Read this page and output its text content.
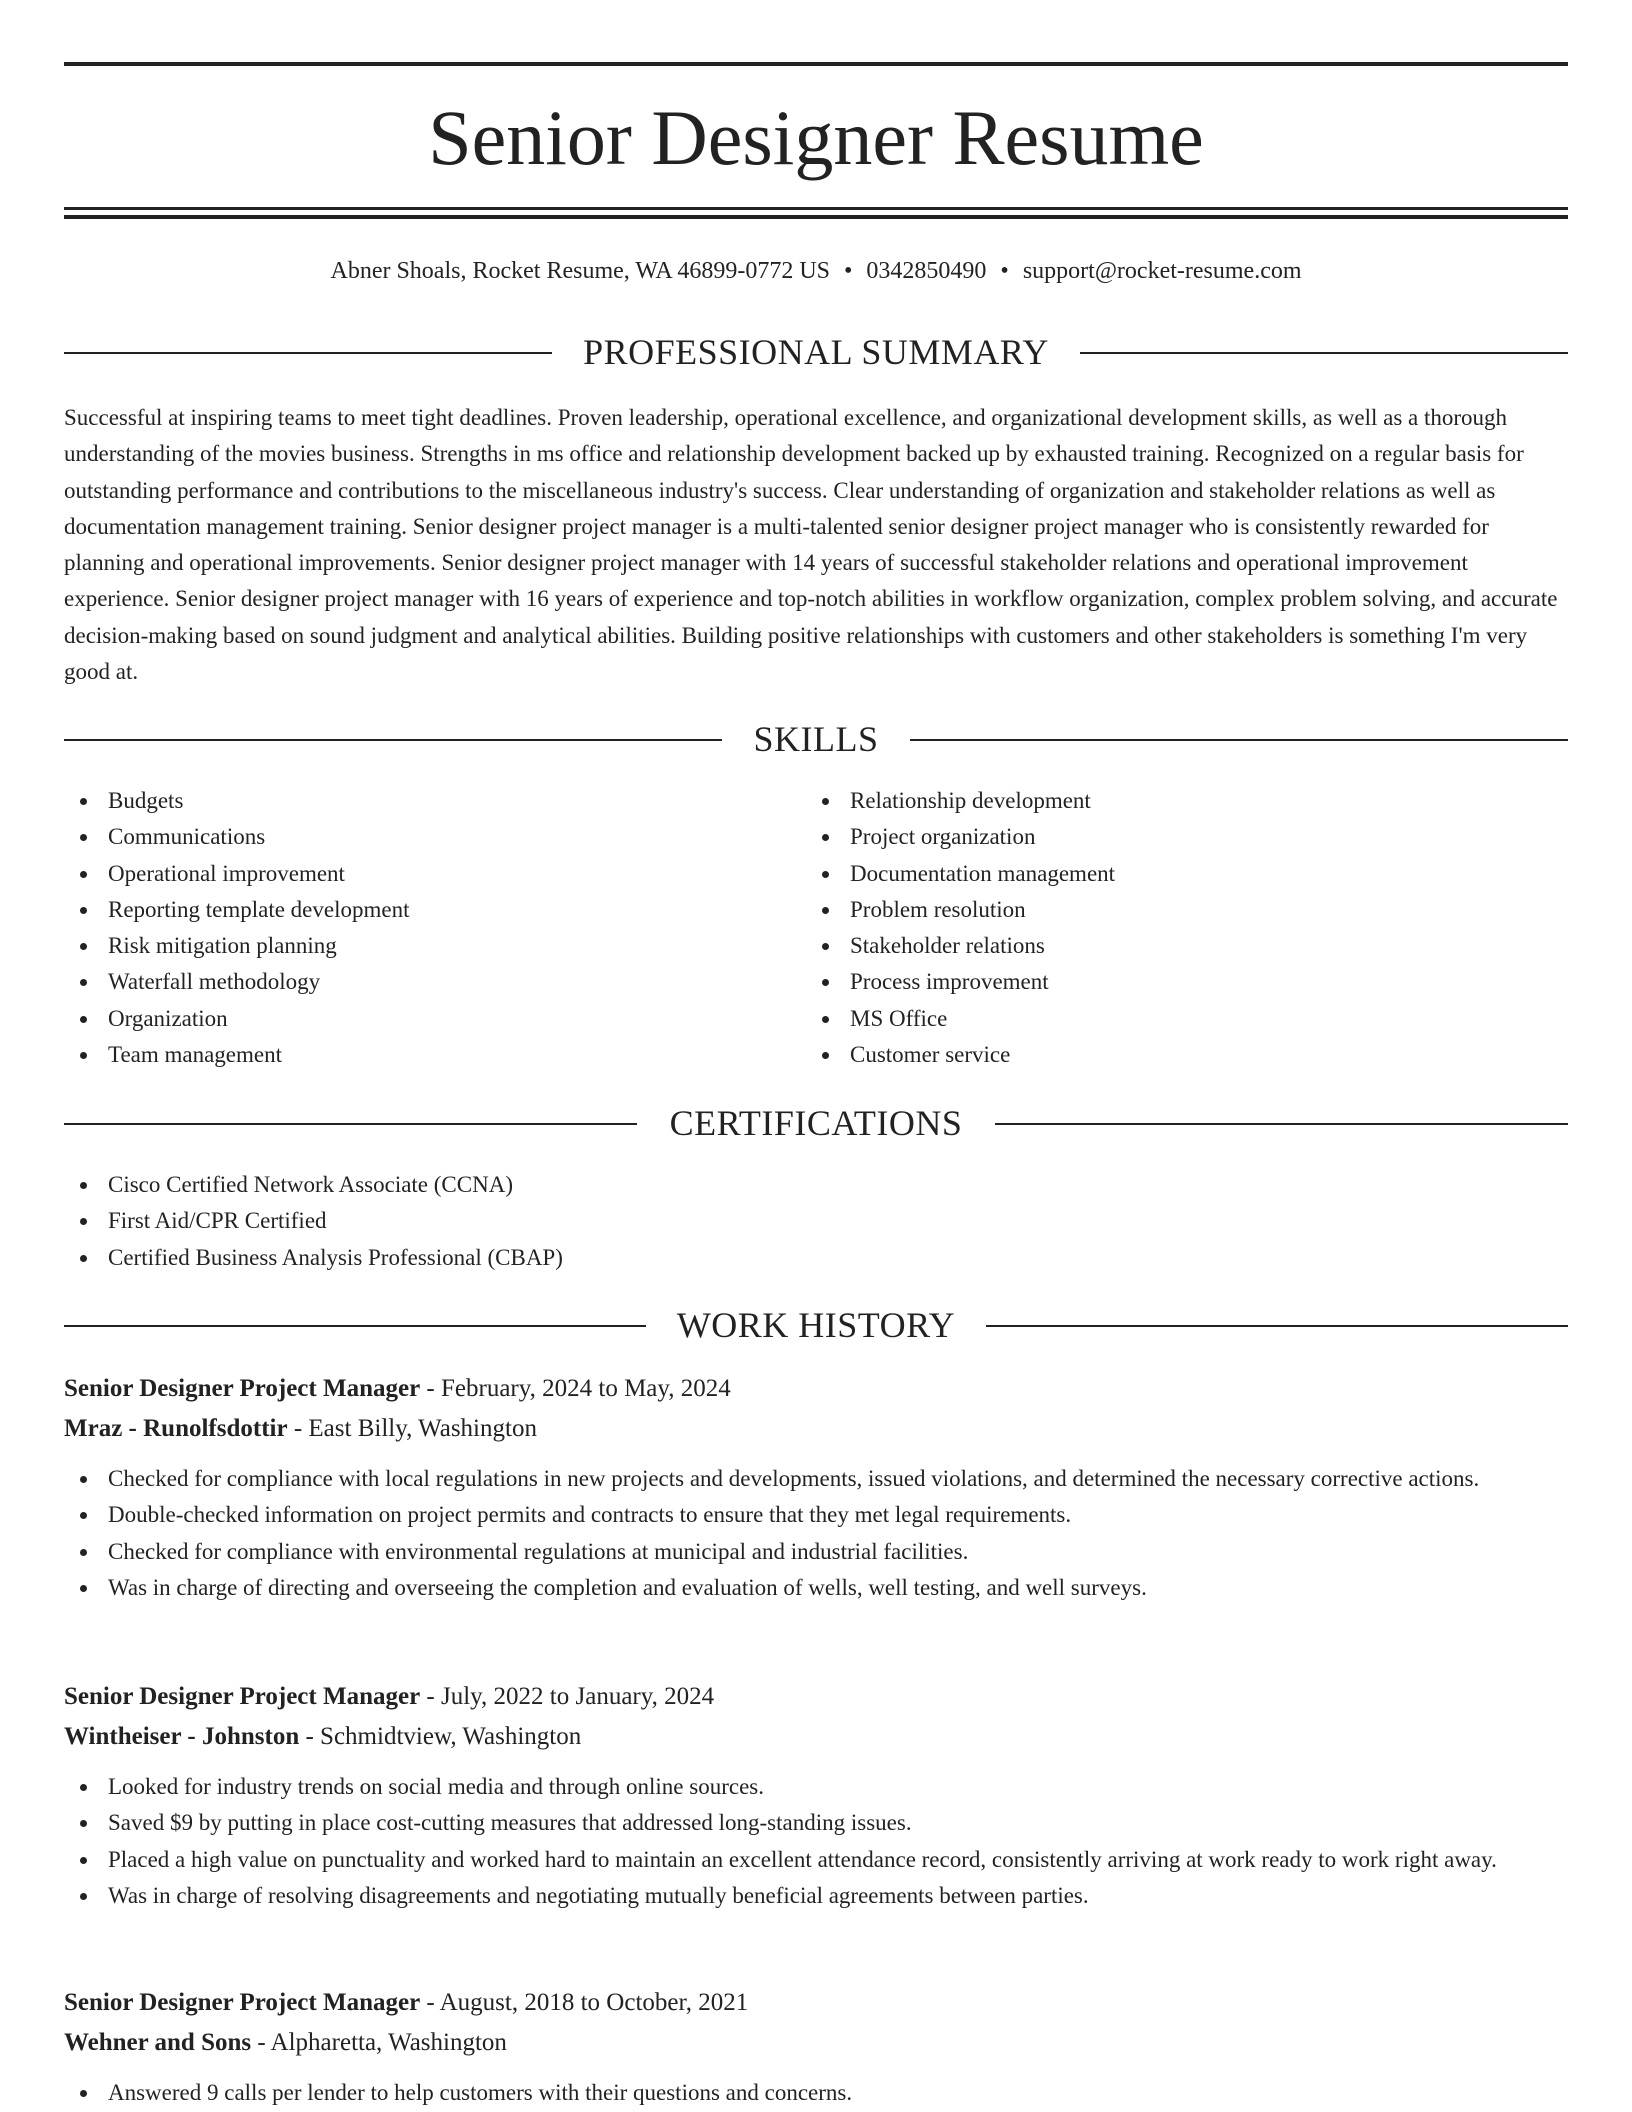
Senior Designer Resume
Abner Shoals, Rocket Resume, WA 46899-0772 US • 0342850490 • support@rocket-resume.com
PROFESSIONAL SUMMARY

Successful at inspiring teams to meet tight deadlines. Proven leadership, operational excellence, and organizational development skills, as well as a thorough understanding of the movies business. Strengths in ms office and relationship development backed up by exhausted training. Recognized on a regular basis for outstanding performance and contributions to the miscellaneous industry's success. Clear understanding of organization and stakeholder relations as well as documentation management training. Senior designer project manager is a multi-talented senior designer project manager who is consistently rewarded for planning and operational improvements. Senior designer project manager with 14 years of successful stakeholder relations and operational improvement experience. Senior designer project manager with 16 years of experience and top-notch abilities in workflow organization, complex problem solving, and accurate decision-making based on sound judgment and analytical abilities. Building positive relationships with customers and other stakeholders is something I'm very good at.

SKILLS
Budgets
Communications
Operational improvement
Reporting template development
Risk mitigation planning
Waterfall methodology
Organization
Team management
Relationship development
Project organization
Documentation management
Problem resolution
Stakeholder relations
Process improvement
MS Office
Customer service
CERTIFICATIONS
Cisco Certified Network Associate (CCNA)
First Aid/CPR Certified
Certified Business Analysis Professional (CBAP)
WORK HISTORY
Senior Designer Project Manager - February, 2024 to May, 2024
Mraz - Runolfsdottir - East Billy, Washington
Checked for compliance with local regulations in new projects and developments, issued violations, and determined the necessary corrective actions.
Double-checked information on project permits and contracts to ensure that they met legal requirements.
Checked for compliance with environmental regulations at municipal and industrial facilities.
Was in charge of directing and overseeing the completion and evaluation of wells, well testing, and well surveys.
Senior Designer Project Manager - July, 2022 to January, 2024
Wintheiser - Johnston - Schmidtview, Washington
Looked for industry trends on social media and through online sources.
Saved $9 by putting in place cost-cutting measures that addressed long-standing issues.
Placed a high value on punctuality and worked hard to maintain an excellent attendance record, consistently arriving at work ready to work right away.
Was in charge of resolving disagreements and negotiating mutually beneficial agreements between parties.
Senior Designer Project Manager - August, 2018 to October, 2021
Wehner and Sons - Alpharetta, Washington
Answered 9 calls per lender to help customers with their questions and concerns.
